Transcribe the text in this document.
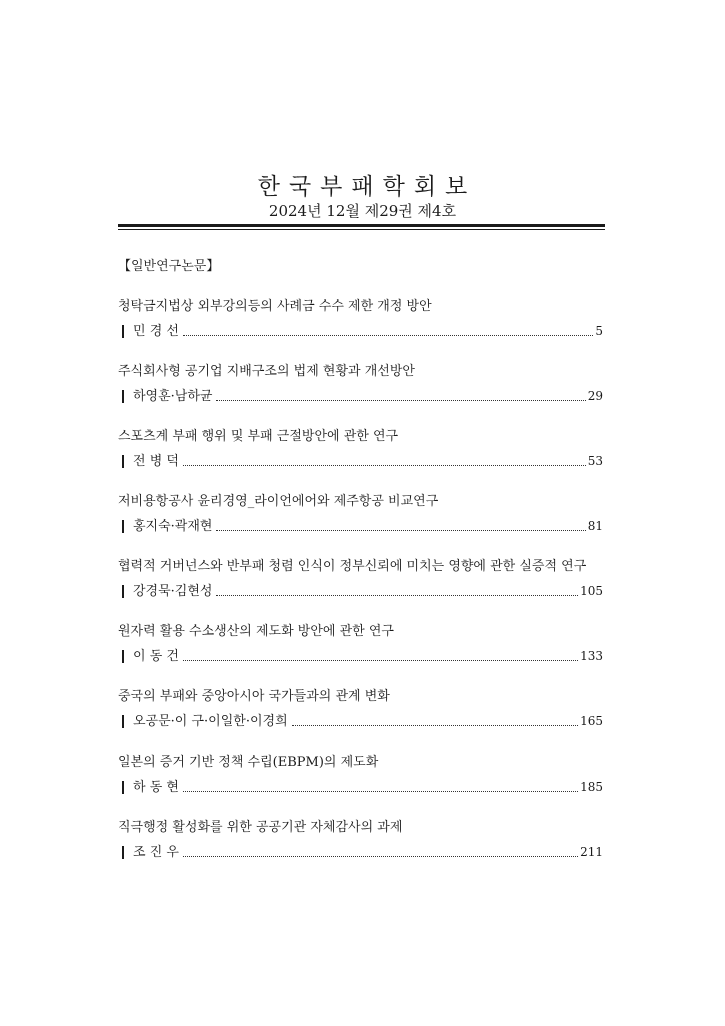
한국부패학회보
2024년 12월 제29권 제4호
【일반연구논문】
청탁금지법상 외부강의등의 사례금 수수 제한 개정 방안
민 경 선	5
주식회사형 공기업 지배구조의 법제 현황과 개선방안
하영훈·남하균	29
스포츠계 부패 행위 및 부패 근절방안에 관한 연구
전 병 덕	53
저비용항공사 윤리경영_라이언에어와 제주항공 비교연구
홍지숙·곽재현	81
협력적 거버넌스와 반부패 청렴 인식이 정부신뢰에 미치는 영향에 관한 실증적 연구
강경묵·김현성	105
원자력 활용 수소생산의 제도화 방안에 관한 연구
이 동 건	133
중국의 부패와 중앙아시아 국가들과의 관계 변화
오공문·이 구·이일한·이경희	165
일본의 증거 기반 정책 수립(EBPM)의 제도화
하 동 현	185
직극행정 활성화를 위한 공공기관 자체감사의 과제
조 진 우	211
